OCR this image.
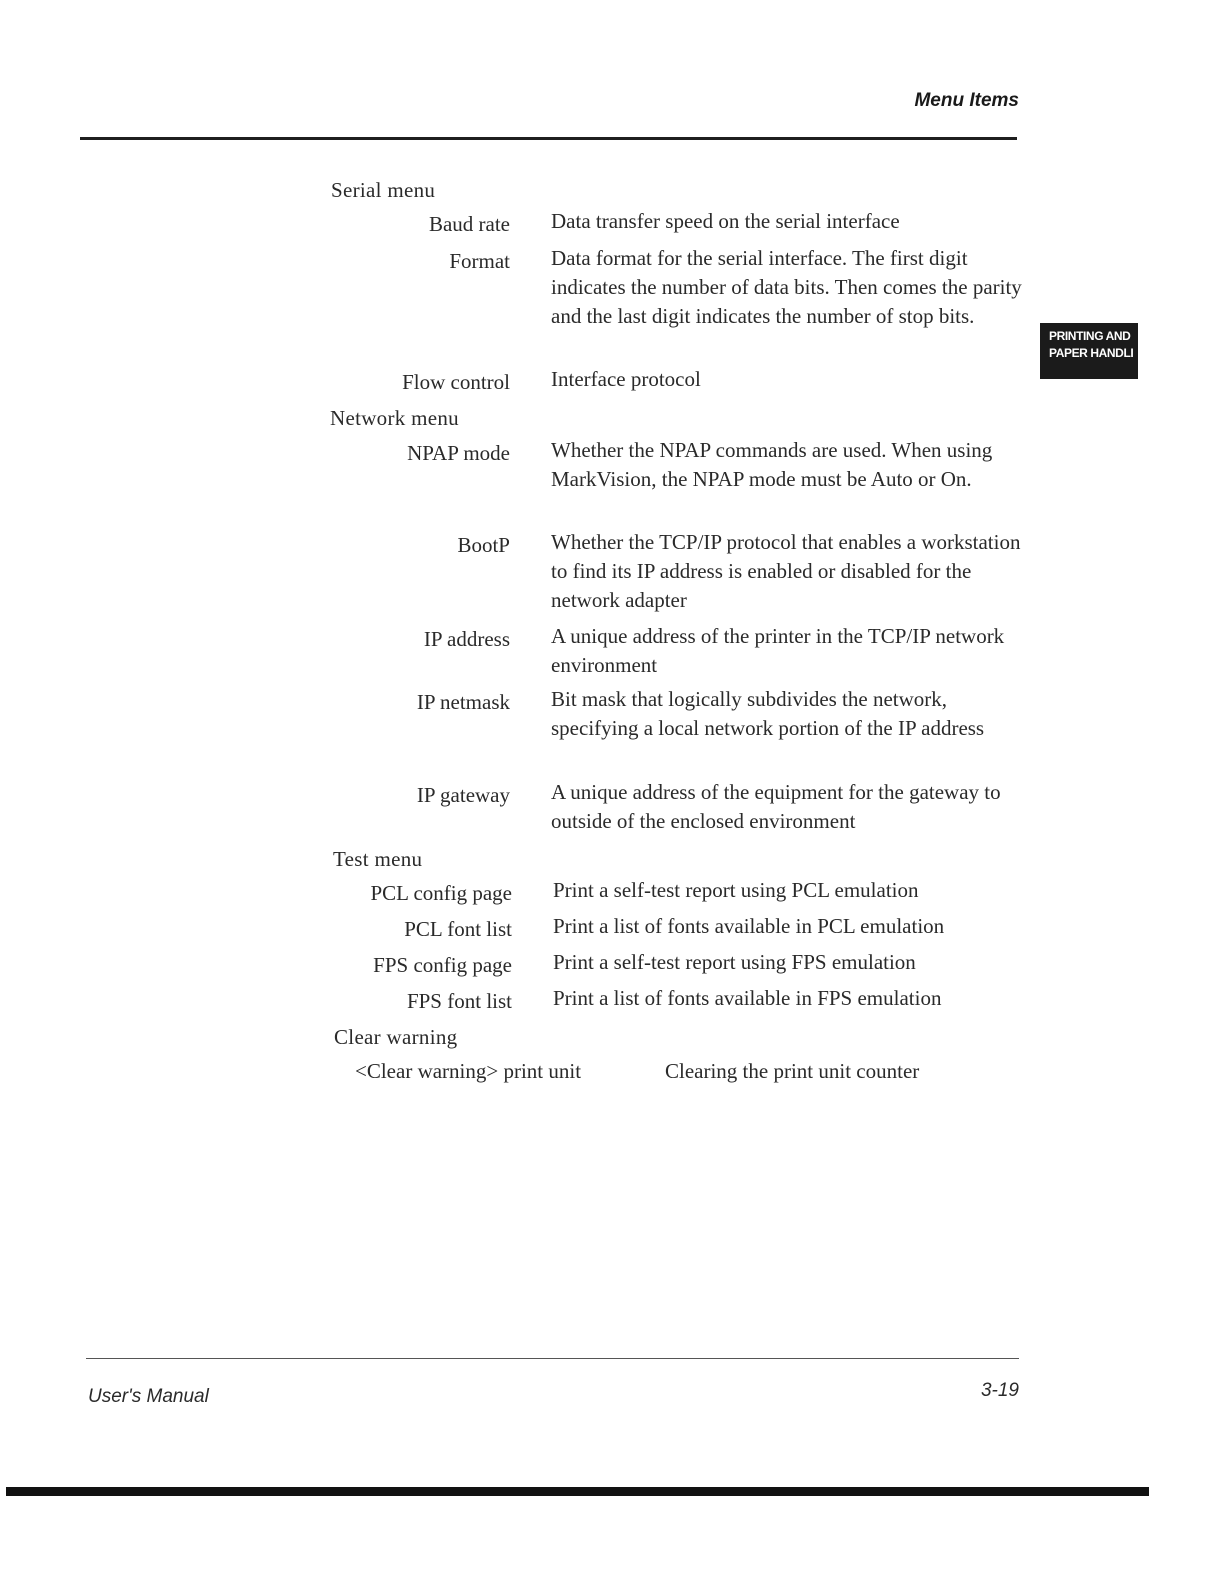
Menu Items
PRINTING AND
PAPER HANDLI
Serial menu
Baud rate Data transfer speed on the serial interface
Format Data format for the serial interface. The first digit indicates the number of data bits. Then comes the parity and the last digit indicates the number of stop bits.
Flow control Interface protocol
Network menu
NPAP mode Whether the NPAP commands are used. When using MarkVision, the NPAP mode must be Auto or On.
BootP Whether the TCP/IP protocol that enables a workstation to find its IP address is enabled or disabled for the network adapter
IP address A unique address of the printer in the TCP/IP network environment
IP netmask Bit mask that logically subdivides the network, specifying a local network portion of the IP address
IP gateway A unique address of the equipment for the gateway to outside of the enclosed environment
Test menu
PCL config page Print a self-test report using PCL emulation
PCL font list Print a list of fonts available in PCL emulation
FPS config page Print a self-test report using FPS emulation
FPS font list Print a list of fonts available in FPS emulation
Clear warning
<Clear warning> print unit	Clearing the print unit counter
User's Manual	3-19
